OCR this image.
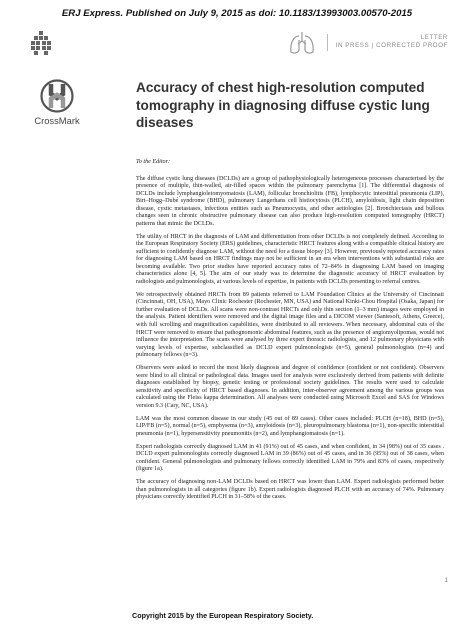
ERJ Express. Published on July 9, 2015 as doi: 10.1183/13993003.00570-2015
LETTER
IN PRESS | CORRECTED PROOF
CrossMark
Accuracy of chest high-resolution computed tomography in diagnosing diffuse cystic lung diseases

To the Editor:

The diffuse cystic lung diseases (DCLDs) are a group of pathophysiologically heterogeneous processes characterised by the presence of multiple, thin-walled, air-filled spaces within the pulmonary parenchyma [1]. The differential diagnosis of DCLDs include lymphangioleiomyomatosis (LAM), follicular bronchiolitis (FB), lymphocytic interstitial pneumonia (LIP), Birt–Hogg–Dubé syndrome (BHD), pulmonary Langerhans cell histiocytosis (PLCH), amyloidosis, light chain deposition disease, cystic metastases, infectious entities such as Pneumocystis, and other aetiologies [2]. Bronchiectasis and bullous changes seen in chronic obstructive pulmonary disease can also produce high-resolution computed tomography (HRCT) patterns that mimic the DCLDs.

The utility of HRCT in the diagnosis of LAM and differentiation from other DCLDs is not completely defined. According to the European Respiratory Society (ERS) guidelines, characteristic HRCT features along with a compatible clinical history are sufficient to confidently diagnose LAM, without the need for a tissue biopsy [3]. However, previously reported accuracy rates for diagnosing LAM based on HRCT findings may not be sufficient in an era when interventions with substantial risks are becoming available. Two prior studies have reported accuracy rates of 72–84% in diagnosing LAM based on imaging characteristics alone [4, 5]. The aim of our study was to determine the diagnostic accuracy of HRCT evaluation by radiologists and pulmonologists, at various levels of expertise, in patients with DCLDs presenting to referral centres.

We retrospectively obtained HRCTs from 89 patients referred to LAM Foundation Clinics at the University of Cincinnati (Cincinnati, OH, USA), Mayo Clinic Rochester (Rochester, MN, USA) and National Kinki-Chou Hospital (Osaka, Japan) for further evaluation of DCLDs. All scans were non-contrast HRCTs and only thin section (1–3 mm) images were employed in the analysis. Patient identifiers were removed and the digital image files and a DICOM viewer (Santesoft, Athens, Greece), with full scrolling and magnification capabilities, were distributed to all reviewers. When necessary, abdominal cuts of the HRCT were removed to ensure that pathognomonic abdominal features, such as the presence of angiomyolipomas, would not influence the interpretation. The scans were analysed by three expert thoracic radiologists, and 12 pulmonary physicians with varying levels of expertise, subclassified as DCLD expert pulmonologists (n=5), general pulmonologists (n=4) and pulmonary fellows (n=3).

Observers were asked to record the most likely diagnosis and degree of confidence (confident or not confident). Observers were blind to all clinical or pathological data. Images used for analysis were exclusively derived from patients with definite diagnoses established by biopsy, genetic testing or professional society guidelines. The results were used to calculate sensitivity and specificity of HRCT based diagnoses. In addition, inter-observer agreement among the various groups was calculated using the Fleiss kappa determination. All analyses were conducted using Microsoft Excel and SAS for Windows version 9.3 (Cary, NC, USA).

LAM was the most common disease in our study (45 out of 89 cases). Other cases included: PLCH (n=18), BHD (n=5), LIP/FB (n=5), normal (n=5), emphysema (n=3), amyloidosis (n=3), pleuropulmonary blastoma (n=1), non-specific interstitial pneumonia (n=1), hypersensitivity pneumonitis (n=2), and lymphangiomatosis (n=1).

Expert radiologists correctly diagnosed LAM in 41 (91%) out of 45 cases, and when confident, in 34 (98%) out of 35 cases . DCLD expert pulmonologists correctly diagnosed LAM in 39 (86%) out of 45 cases, and in 36 (95%) out of 38 cases, when confident. General pulmonologists and pulmonary fellows correctly identified LAM in 79% and 83% of cases, respectively (figure 1a).

The accuracy of diagnosing non-LAM DCLDs based on HRCT was lower than LAM. Expert radiologists performed better than pulmonologists in all categories (figure 1b). Expert radiologists diagnosed PLCH with an accuracy of 74%. Pulmonary physicians correctly identified PLCH in 31–58% of the cases.

1
Copyright 2015 by the European Respiratory Society.
